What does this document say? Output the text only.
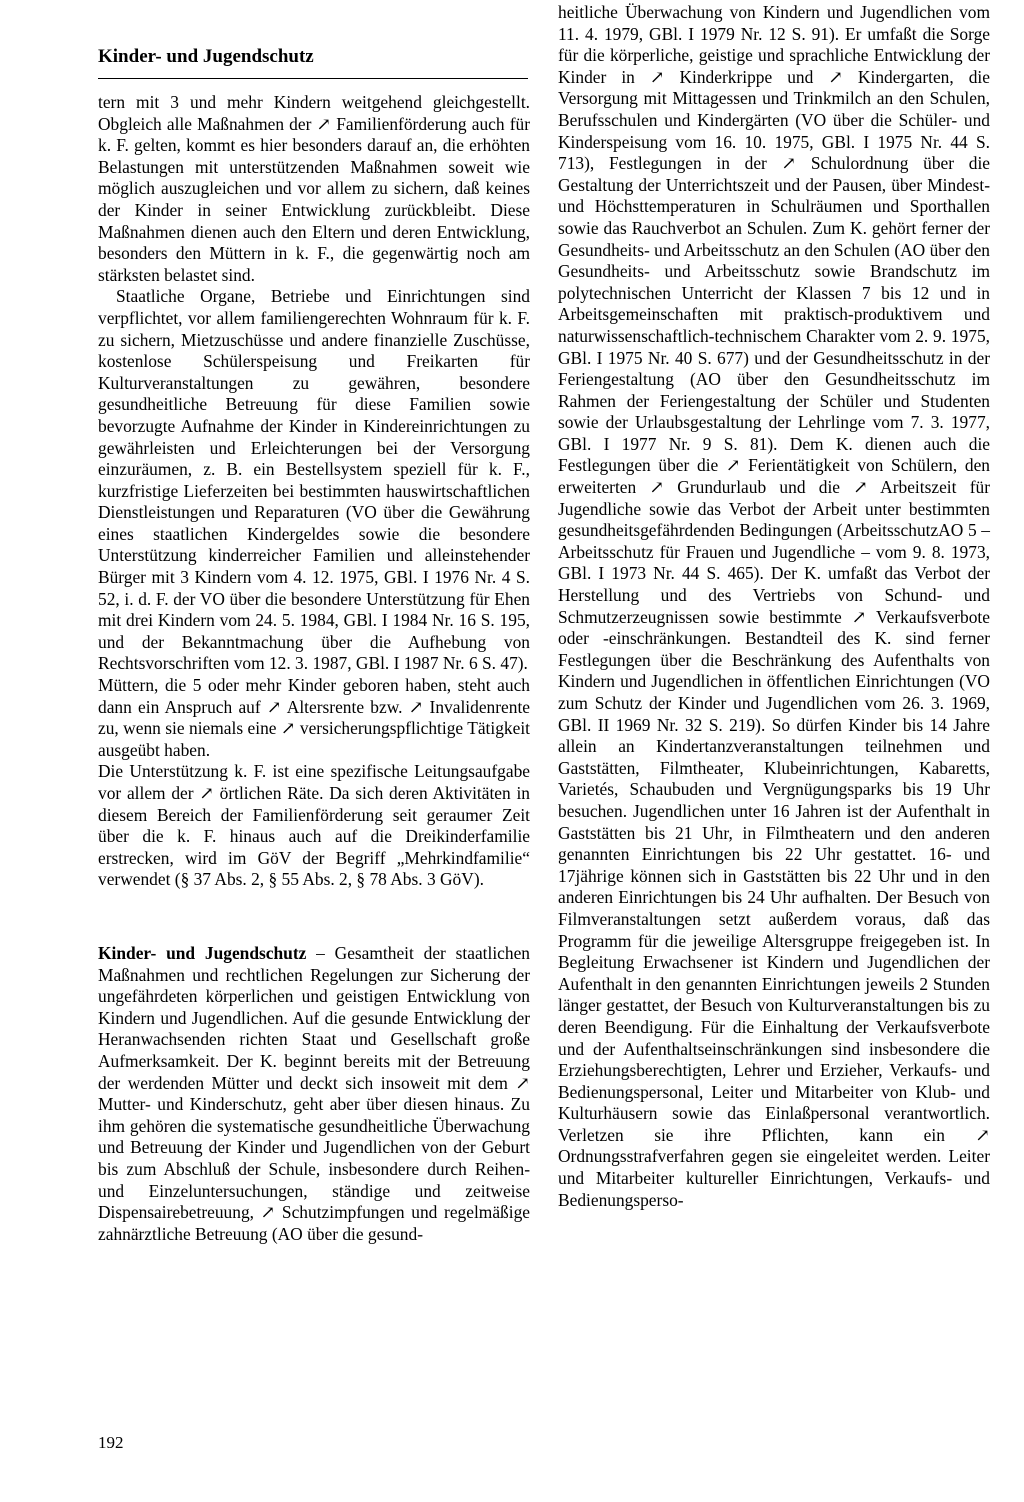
Kinder- und Jugendschutz

tern mit 3 und mehr Kindern weitgehend gleichgestellt. Obgleich alle Maßnahmen der ↗ Familienförderung auch für k. F. gelten, kommt es hier besonders darauf an, die erhöhten Belastungen mit unterstützenden Maßnahmen soweit wie möglich auszugleichen und vor allem zu sichern, daß keines der Kinder in seiner Entwicklung zurückbleibt. Diese Maßnahmen dienen auch den Eltern und deren Entwicklung, besonders den Müttern in k. F., die gegenwärtig noch am stärksten belastet sind.

Staatliche Organe, Betriebe und Einrichtungen sind verpflichtet, vor allem familiengerechten Wohnraum für k. F. zu sichern, Mietzuschüsse und andere finanzielle Zuschüsse, kostenlose Schülerspeisung und Freikarten für Kulturveranstaltungen zu gewähren, besondere gesundheitliche Betreuung für diese Familien sowie bevorzugte Aufnahme der Kinder in Kindereinrichtungen zu gewährleisten und Erleichterungen bei der Versorgung einzuräumen, z. B. ein Bestellsystem speziell für k. F., kurzfristige Lieferzeiten bei bestimmten hauswirtschaftlichen Dienstleistungen und Reparaturen (VO über die Gewährung eines staatlichen Kindergeldes sowie die besondere Unterstützung kinderreicher Familien und alleinstehender Bürger mit 3 Kindern vom 4. 12. 1975, GBl. I 1976 Nr. 4 S. 52, i. d. F. der VO über die besondere Unterstützung für Ehen mit drei Kindern vom 24. 5. 1984, GBl. I 1984 Nr. 16 S. 195, und der Bekanntmachung über die Aufhebung von Rechtsvorschriften vom 12. 3. 1987, GBl. I 1987 Nr. 6 S. 47).

Müttern, die 5 oder mehr Kinder geboren haben, steht auch dann ein Anspruch auf ↗ Altersrente bzw. ↗ Invalidenrente zu, wenn sie niemals eine ↗ versicherungspflichtige Tätigkeit ausgeübt haben.

Die Unterstützung k. F. ist eine spezifische Leitungsaufgabe vor allem der ↗ örtlichen Räte. Da sich deren Aktivitäten in diesem Bereich der Familienförderung seit geraumer Zeit über die k. F. hinaus auch auf die Dreikinderfamilie erstrecken, wird im GöV der Begriff „Mehrkindfamilie“ verwendet (§ 37 Abs. 2, § 55 Abs. 2, § 78 Abs. 3 GöV).

Kinder- und Jugendschutz – Gesamtheit der staatlichen Maßnahmen und rechtlichen Regelungen zur Sicherung der ungefährdeten körperlichen und geistigen Entwicklung von Kindern und Jugendlichen. Auf die gesunde Entwicklung der Heranwachsenden richten Staat und Gesellschaft große Aufmerksamkeit. Der K. beginnt bereits mit der Betreuung der werdenden Mütter und deckt sich insoweit mit dem ↗ Mutter- und Kinderschutz, geht aber über diesen hinaus. Zu ihm gehören die systematische gesundheitliche Überwachung und Betreuung der Kinder und Jugendlichen von der Geburt bis zum Abschluß der Schule, insbesondere durch Reihen- und Einzeluntersuchungen, ständige und zeitweise Dispensairebetreuung, ↗ Schutzimpfungen und regelmäßige zahnärztliche Betreuung (AO über die gesund-

heitliche Überwachung von Kindern und Jugendlichen vom 11. 4. 1979, GBl. I 1979 Nr. 12 S. 91). Er umfaßt die Sorge für die körperliche, geistige und sprachliche Entwicklung der Kinder in ↗ Kinderkrippe und ↗ Kindergarten, die Versorgung mit Mittagessen und Trinkmilch an den Schulen, Berufsschulen und Kindergärten (VO über die Schüler- und Kinderspeisung vom 16. 10. 1975, GBl. I 1975 Nr. 44 S. 713), Festlegungen in der ↗ Schulordnung über die Gestaltung der Unterrichtszeit und der Pausen, über Mindest- und Höchsttemperaturen in Schulräumen und Sporthallen sowie das Rauchverbot an Schulen. Zum K. gehört ferner der Gesundheits- und Arbeitsschutz an den Schulen (AO über den Gesundheits- und Arbeitsschutz sowie Brandschutz im polytechnischen Unterricht der Klassen 7 bis 12 und in Arbeitsgemeinschaften mit praktisch-produktivem und naturwissenschaftlich-technischem Charakter vom 2. 9. 1975, GBl. I 1975 Nr. 40 S. 677) und der Gesundheitsschutz in der Feriengestaltung (AO über den Gesundheitsschutz im Rahmen der Feriengestaltung der Schüler und Studenten sowie der Urlaubsgestaltung der Lehrlinge vom 7. 3. 1977, GBl. I 1977 Nr. 9 S. 81). Dem K. dienen auch die Festlegungen über die ↗ Ferientätigkeit von Schülern, den erweiterten ↗ Grundurlaub und die ↗ Arbeitszeit für Jugendliche sowie das Verbot der Arbeit unter bestimmten gesundheitsgefährdenden Bedingungen (ArbeitsschutzAO 5 – Arbeitsschutz für Frauen und Jugendliche – vom 9. 8. 1973, GBl. I 1973 Nr. 44 S. 465). Der K. umfaßt das Verbot der Herstellung und des Vertriebs von Schund- und Schmutzerzeugnissen sowie bestimmte ↗ Verkaufsverbote oder -einschränkungen. Bestandteil des K. sind ferner Festlegungen über die Beschränkung des Aufenthalts von Kindern und Jugendlichen in öffentlichen Einrichtungen (VO zum Schutz der Kinder und Jugendlichen vom 26. 3. 1969, GBl. II 1969 Nr. 32 S. 219). So dürfen Kinder bis 14 Jahre allein an Kindertanzveranstaltungen teilnehmen und Gaststätten, Filmtheater, Klubeinrichtungen, Kabaretts, Varietés, Schaubuden und Vergnügungsparks bis 19 Uhr besuchen. Jugendlichen unter 16 Jahren ist der Aufenthalt in Gaststätten bis 21 Uhr, in Filmtheatern und den anderen genannten Einrichtungen bis 22 Uhr gestattet. 16- und 17jährige können sich in Gaststätten bis 22 Uhr und in den anderen Einrichtungen bis 24 Uhr aufhalten. Der Besuch von Filmveranstaltungen setzt außerdem voraus, daß das Programm für die jeweilige Altersgruppe freigegeben ist. In Begleitung Erwachsener ist Kindern und Jugendlichen der Aufenthalt in den genannten Einrichtungen jeweils 2 Stunden länger gestattet, der Besuch von Kulturveranstaltungen bis zu deren Beendigung. Für die Einhaltung der Verkaufsverbote und der Aufenthaltseinschränkungen sind insbesondere die Erziehungsberechtigten, Lehrer und Erzieher, Verkaufs- und Bedienungspersonal, Leiter und Mitarbeiter von Klub- und Kulturhäusern sowie das Einlaßpersonal verantwortlich. Verletzen sie ihre Pflichten, kann ein ↗ Ordnungsstrafverfahren gegen sie eingeleitet werden. Leiter und Mitarbeiter kultureller Einrichtungen, Verkaufs- und Bedienungsperso-

192
